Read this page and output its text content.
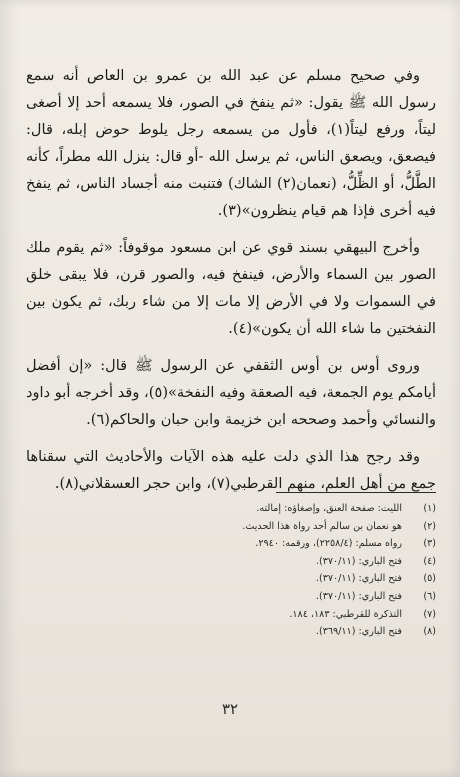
وفي صحيح مسلم عن عبد الله بن عمرو بن العاص أنه سمع رسول الله ﷺ يقول: «ثم ينفخ في الصور، فلا يسمعه أحد إلا أصغى ليتاً، ورفع ليتاً(١)، فأول من يسمعه رجل يلوط حوض إبله، قال: فيصعق، ويصعق الناس، ثم يرسل الله -أو قال: ينزل الله مطراً، كأنه الطَّلُّ، أو الظِّلُّ، (نعمان(٢) الشاك) فتنبت منه أجساد الناس، ثم ينفخ فيه أخرى فإذا هم قيام ينظرون»(٣).

وأخرج البيهقي بسند قوي عن ابن مسعود موقوفاً: «ثم يقوم ملك الصور بين السماء والأرض، فينفخ فيه، والصور قرن، فلا يبقى خلق في السموات ولا في الأرض إلا مات إلا من شاء ربك، ثم يكون بين النفختين ما شاء الله أن يكون»(٤).

وروى أوس بن أوس الثقفي عن الرسول ﷺ قال: «إن أفضل أيامكم يوم الجمعة، فيه الصعقة وفيه النفخة»(٥)، وقد أخرجه أبو داود والنسائي وأحمد وصححه ابن خزيمة وابن حبان والحاكم(٦).

وقد رجح هذا الذي دلت عليه هذه الآيات والأحاديث التي سقناها جمع من أهل العلم، منهم القرطبي(٧)، وابن حجر العسقلاني(٨).

(١)
الليت: صفحة العنق، وإصغاؤه: إمالته.
(٢)
هو نعمان بن سالم أحد رواة هذا الحديث.
(٣)
رواه مسلم: (٢٢٥٨/٤)، ورقمه: ٢٩٤٠.
(٤)
فتح الباري: (٣٧٠/١١).
(٥)
فتح الباري: (٣٧٠/١١).
(٦)
فتح الباري: (٣٧٠/١١).
(٧)
التذكرة للقرطبي: ١٨٣، ١٨٤.
(٨)
فتح الباري: (٣٦٩/١١).
٣٢
